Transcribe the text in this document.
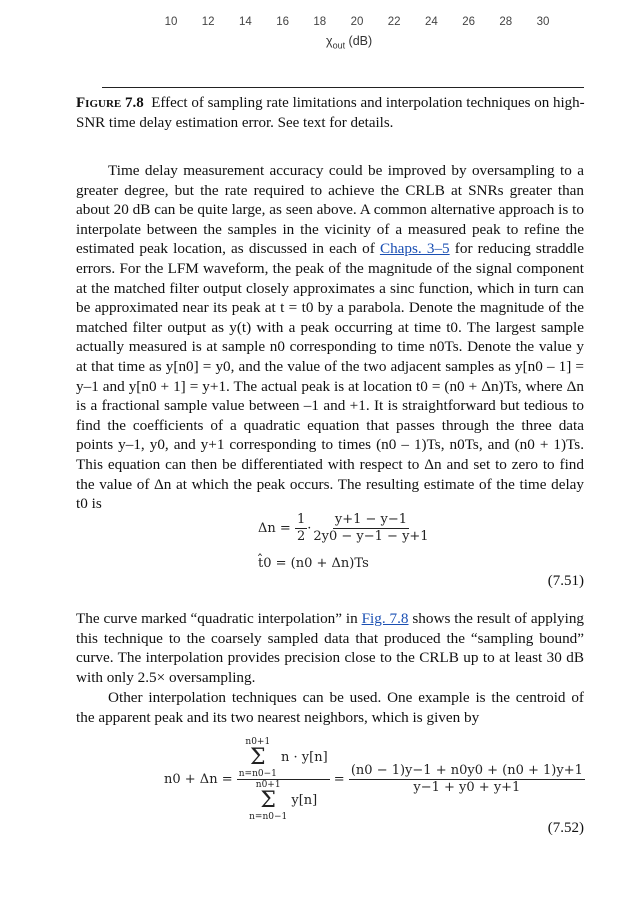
10 12 14 16 18 20 22 24 26 28 30
$\chi_{out}$ (dB)
Figure 7.8 Effect of sampling rate limitations and interpolation techniques on high-SNR time delay estimation error. See text for details.

Time delay measurement accuracy could be improved by oversampling to a greater degree, but the rate required to achieve the CRLB at SNRs greater than about 20 dB can be quite large, as seen above. A common alternative approach is to interpolate between the samples in the vicinity of a measured peak to refine the estimated peak location, as discussed in each of Chaps. 3–5 for reducing straddle errors. For the LFM waveform, the peak of the magnitude of the signal component at the matched filter output closely approximates a sinc function, which in turn can be approximated near its peak at t = t0 by a parabola. Denote the magnitude of the matched filter output as y(t) with a peak occurring at time t0. The largest sample actually measured is at sample n0 corresponding to time n0Ts. Denote the value y at that time as y[n0] = y0, and the value of the two adjacent samples as y[n0 – 1] = y–1 and y[n0 + 1] = y+1. The actual peak is at location t0 = (n0 + Δn)Ts, where Δn is a fractional sample value between –1 and +1. It is straightforward but tedious to find the coefficients of a quadratic equation that passes through the three data points y–1, y0, and y+1 corresponding to times (n0 – 1)Ts, n0Ts, and (n0 + 1)Ts. This equation can then be differentiated with respect to Δn and set to zero to find the value of Δn at which the peak occurs. The resulting estimate of the time delay t0 is

Δn =
$\frac{1}{2} \cdot \frac{y+1 - y-1}{2y0 - y-1 - y+1}$
t̂0 = (n0 + Δn)Ts
(7.51)

The curve marked “quadratic interpolation” in Fig. 7.8 shows the result of applying this technique to the coarsely sampled data that produced the “sampling bound” curve. The interpolation provides precision close to the CRLB up to at least 30 dB with only 2.5× oversampling.

Other interpolation techniques can be used. One example is the centroid of the apparent peak and its two nearest neighbors, which is given by

n0 + Δn =
n0+1
Σ
n=n0−1

n · y[n]
n0+1
Σ
n=n0−1

y[n]
=
$\frac{(n0 - 1)y-1 + n0y0 + (n0 + 1)y+1}{y-1 + y0 + y+1}$
(7.52)
